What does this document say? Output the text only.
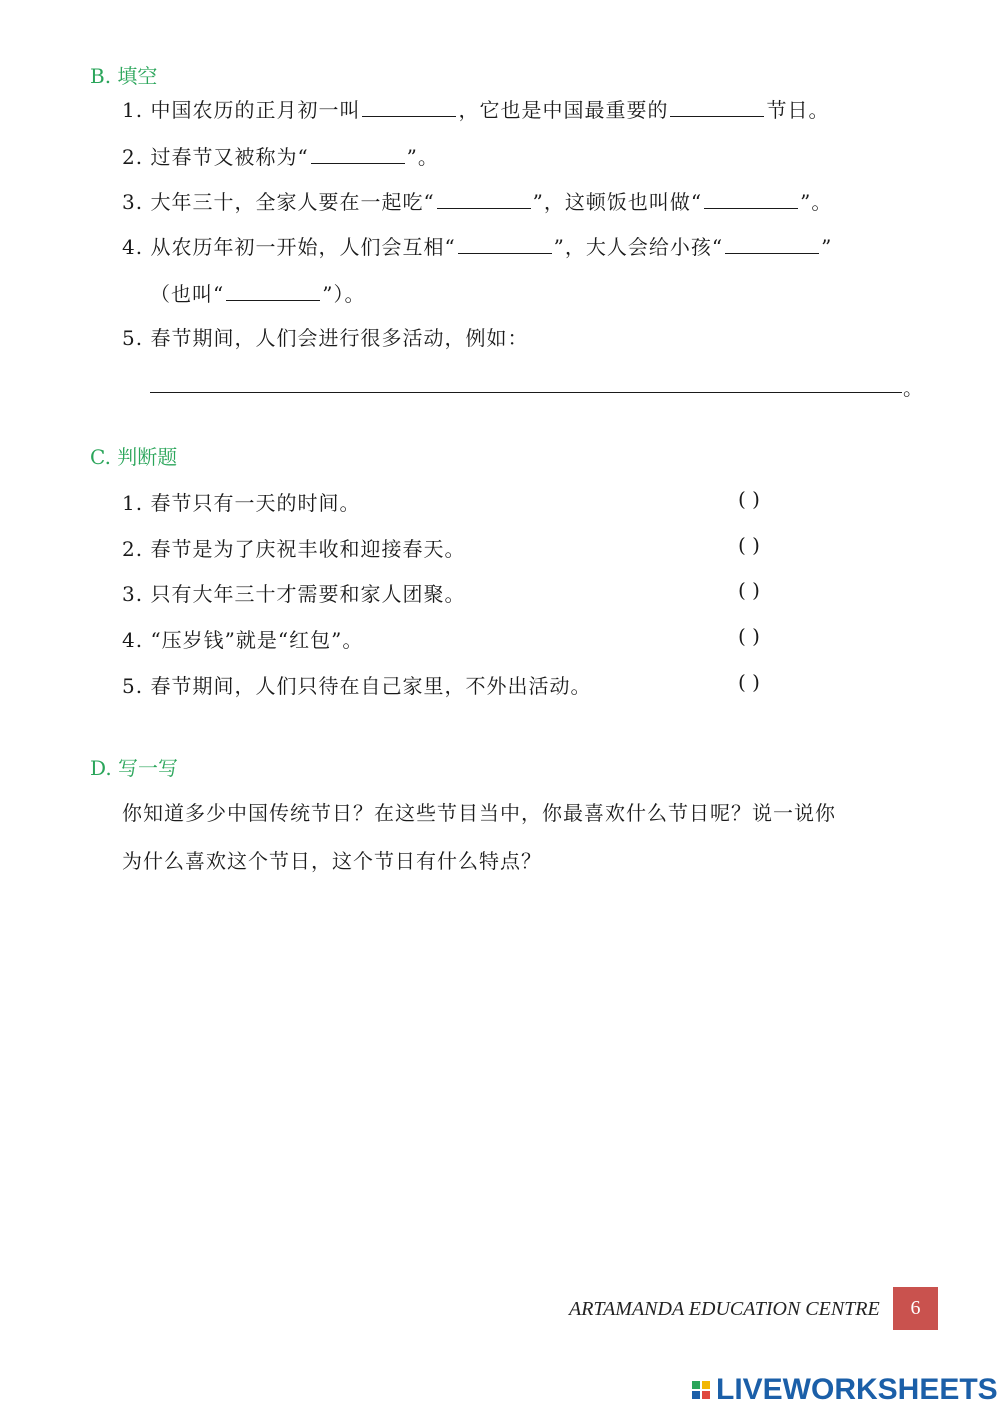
B. 填空
1. 中国农历的正月初一叫	，它也是中国最重要的	节日。
2. 过春节又被称为“	”。
3. 大年三十，全家人要在一起吃“	”，这顿饭也叫做“	”。
4. 从农历年初一开始，人们会互相“	”，大人会给小孩“	”
（也叫“	”）。
5. 春节期间，人们会进行很多活动，例如：
。
C. 判断题
1. 春节只有一天的时间。	( )
2. 春节是为了庆祝丰收和迎接春天。	( )
3. 只有大年三十才需要和家人团聚。	( )
4. “压岁钱”就是“红包”。	( )
5. 春节期间，人们只待在自己家里，不外出活动。	( )
D. 写一写
你知道多少中国传统节日？在这些节目当中，你最喜欢什么节日呢？说一说你
为什么喜欢这个节日，这个节日有什么特点？
ARTAMANDA EDUCATION CENTRE	6
LIVEWORKSHEETS
